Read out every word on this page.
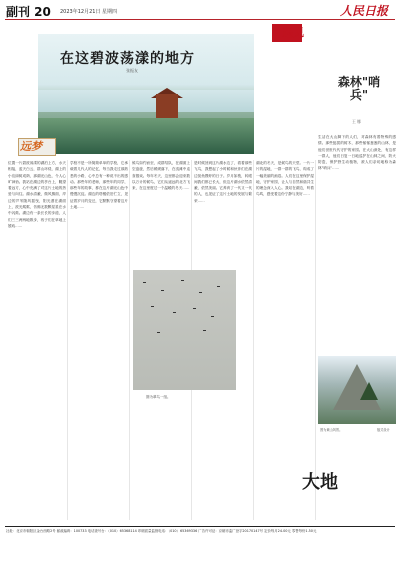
副刊 20 2023年12月21日 星期四	人民日报
在这碧波荡漾的地方
张振友
远梦
位置一片碧波荡漾的湖泊上方，水天相接，蓝天白云，群山环绕，湖上的小岛绿树成荫，那湖光山色，令人心旷神怡。我站在湖边的亭台上，眺望着远方，心中充满了对这片土地的热爱与向往。湖水清澈，微风拂面，岸边的芦苇随风摇曳，阳光洒在湖面上，波光粼粼，仿佛无数颗星星在水中闪烁。湖边有一条长长的步道，人们三三两两地散步，孩子们在草地上嬉戏……
学校不是一所简简单单的学校，它承载着几代人的记忆，每当我走过那熟悉的小路，心中总有一种说不出的感动。那些年的老师，那些年的同学，那些年的故事，都在这片湖光山色中慢慢沉淀。湖边的塔楼依旧伫立，见证着岁月的变迁，它默默守望着这片土地……
候鸟如约而至，成群结队，在湖面上空盘旋，然后缓缓落下，在浅滩中觅食嬉戏。每年冬天，这里都会迎来数以万计的候鸟，它们从遥远的北方飞来，在这里度过一个温暖的冬天……
是时候回到这片湖水边了，看着那些飞鸟，我想起了小时候和伙伴们在湖边捉鱼摸虾的日子。岁月如梭，转眼间我们都已长大，但这片湖水依然清澈，依然美丽。它养育了一代又一代的人，也见证了这片土地的发展与繁荣……
湖北的冬天，是候鸟的天堂。一片一片的湿地，一群一群的飞鸟，构成了一幅美丽的画卷。人们在这里保护湿地，守护家园，让人与自然和谐共生的理念深入人心。我站在湖边，听着鸟鸣，感受着这份宁静与美好……
图为翠鸟一组。
遇见
森林"哨兵"
王 娜
生活在大山脚下的人们，对森林有着特殊的感情。那些挺拔的树木，那些郁郁葱葱的山林，是他们世世代代守护的家园。在大山深处，有这样一群人，他们日复一日地巡护在山林之间，防火防盗，保护野生动植物，被人们亲切地称为森林"哨兵"……
图为黄山风景。	版式设计
大地
社址：北京市朝阳区金台西路2号 邮政编码：100733 电话查号台：（010）65368114 印刷质量监督电话：（010）65369336 广告许可证：京朝市监广登字20170147号 定价每月24.00元 零售每份1.50元
